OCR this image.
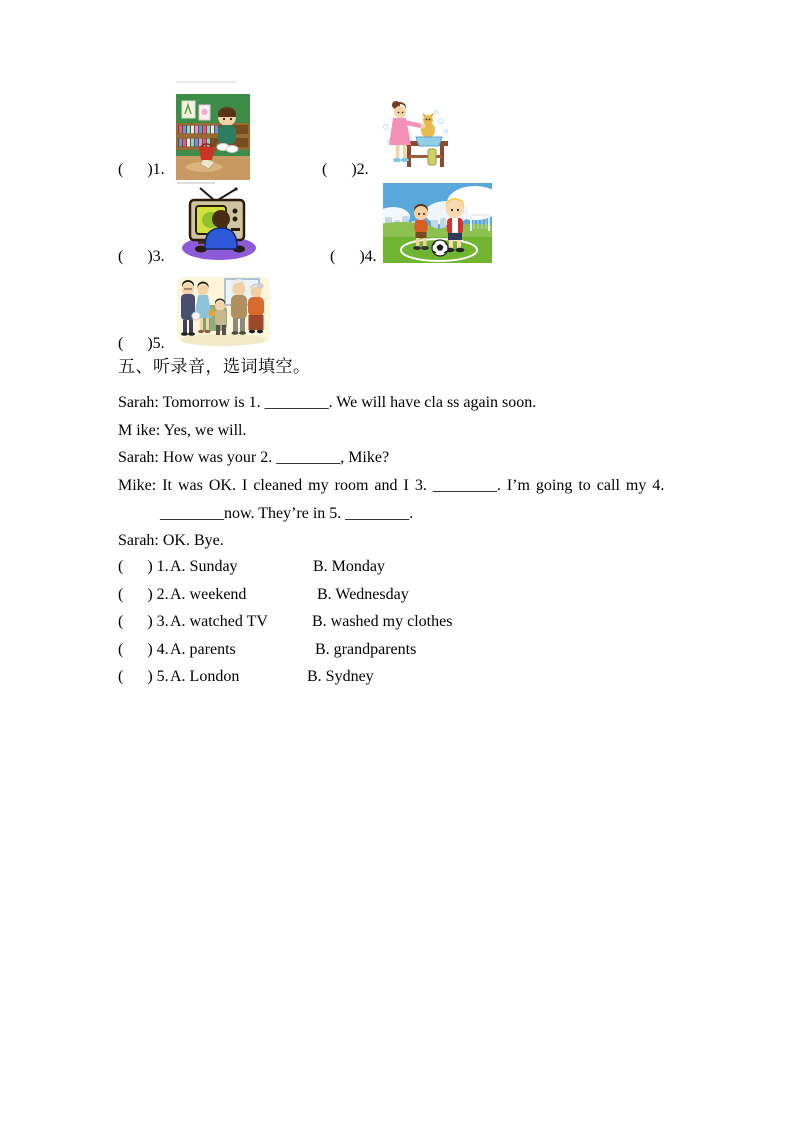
(      )1.	(      )2.
(      )3.	(      )4.
(      )5.
五、听录音，选词填空。
Sarah: Tomorrow is 1. ________. We will have cla ss again soon.
M ike: Yes, we will.
Sarah: How was your 2. ________, Mike?
Mike: It was OK. I cleaned my room and I 3. ________. I’m going to call my 4.
________now. They’re in 5. ________.
Sarah: OK. Bye.
(      ) 1. A. Sunday	B. Monday
(      ) 2. A. weekend	B. Wednesday
(      ) 3. A. watched TV	B. washed my clothes
(      ) 4. A. parents	B. grandparents
(      ) 5. A. London	B. Sydney
